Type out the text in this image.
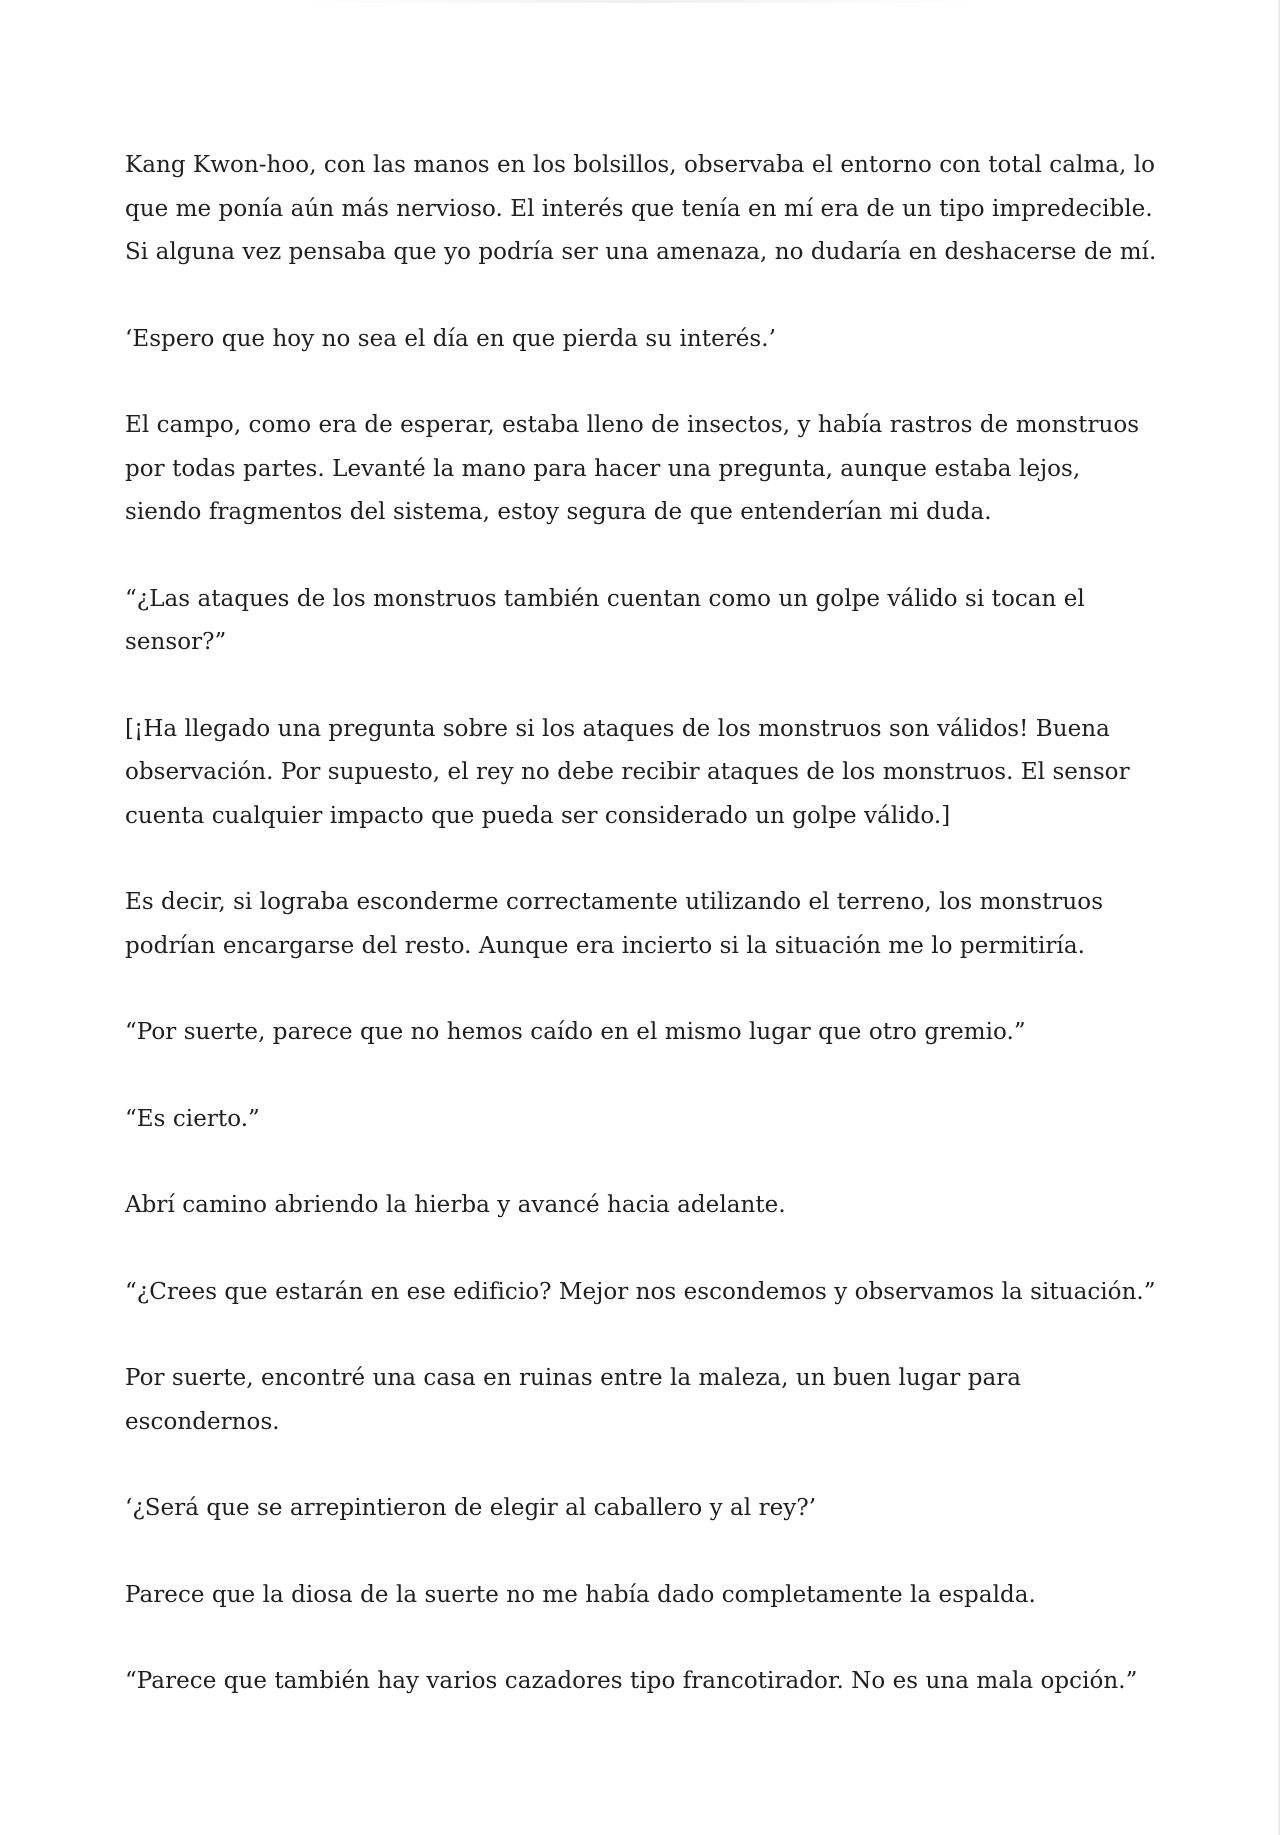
Kang Kwon-hoo, con las manos en los bolsillos, observaba el entorno con total calma, lo que me ponía aún más nervioso. El interés que tenía en mí era de un tipo impredecible. Si alguna vez pensaba que yo podría ser una amenaza, no dudaría en deshacerse de mí.

‘Espero que hoy no sea el día en que pierda su interés.’

El campo, como era de esperar, estaba lleno de insectos, y había rastros de monstruos por todas partes. Levanté la mano para hacer una pregunta, aunque estaba lejos, siendo fragmentos del sistema, estoy segura de que entenderían mi duda.

“¿Las ataques de los monstruos también cuentan como un golpe válido si tocan el sensor?”

[¡Ha llegado una pregunta sobre si los ataques de los monstruos son válidos! Buena observación. Por supuesto, el rey no debe recibir ataques de los monstruos. El sensor cuenta cualquier impacto que pueda ser considerado un golpe válido.]

Es decir, si lograba esconderme correctamente utilizando el terreno, los monstruos podrían encargarse del resto. Aunque era incierto si la situación me lo permitiría.

“Por suerte, parece que no hemos caído en el mismo lugar que otro gremio.”

“Es cierto.”

Abrí camino abriendo la hierba y avancé hacia adelante.

“¿Crees que estarán en ese edificio? Mejor nos escondemos y observamos la situación.”

Por suerte, encontré una casa en ruinas entre la maleza, un buen lugar para escondernos.

‘¿Será que se arrepintieron de elegir al caballero y al rey?’

Parece que la diosa de la suerte no me había dado completamente la espalda.

“Parece que también hay varios cazadores tipo francotirador. No es una mala opción.”
